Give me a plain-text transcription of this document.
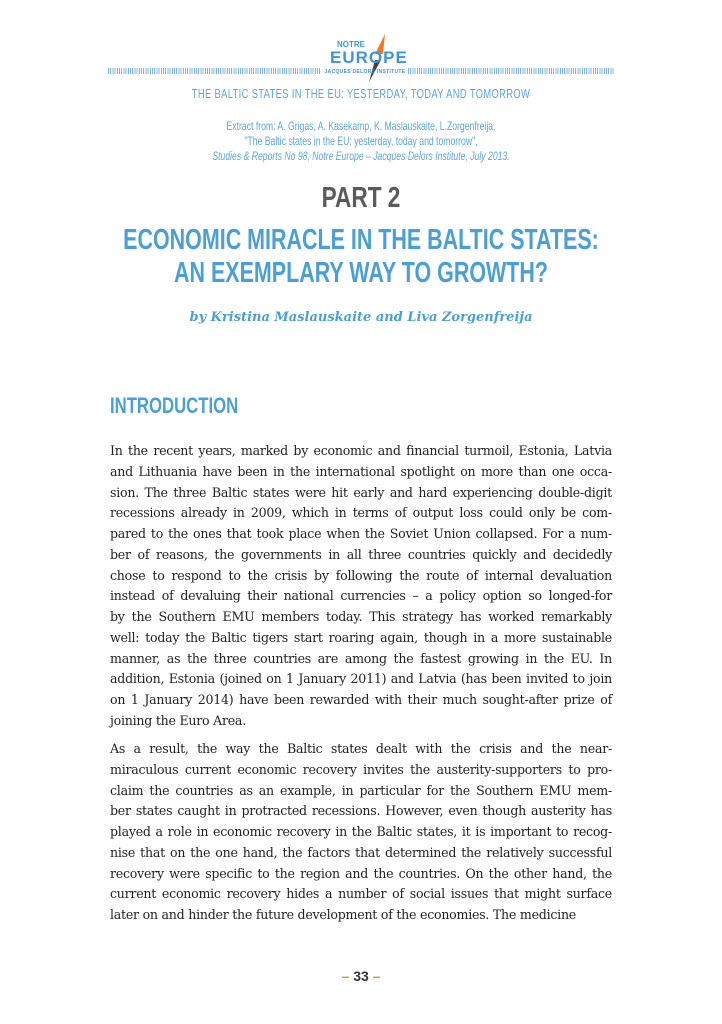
NOTRE
EUROPE
JACQUES DELORS INSTITUTE
THE BALTIC STATES IN THE EU: YESTERDAY, TODAY AND TOMORROW
Extract from: A. Grigas, A. Kasekamp, K. Maslauskaite, L.Zorgenfreija,
"The Baltic states in the EU: yesterday, today and tomorrow",
Studies & Reports No 98, Notre Europe – Jacques Delors Institute, July 2013.
PART 2
ECONOMIC MIRACLE IN THE BALTIC STATES:
AN EXEMPLARY WAY TO GROWTH?
by Kristina Maslauskaite and Liva Zorgenfreija
INTRODUCTION
In the recent years, marked by economic and financial turmoil, Estonia, Latvia
and Lithuania have been in the international spotlight on more than one occa-
sion. The three Baltic states were hit early and hard experiencing double-digit
recessions already in 2009, which in terms of output loss could only be com-
pared to the ones that took place when the Soviet Union collapsed. For a num-
ber of reasons, the governments in all three countries quickly and decidedly
chose to respond to the crisis by following the route of internal devaluation
instead of devaluing their national currencies – a policy option so longed-for
by the Southern EMU members today. This strategy has worked remarkably
well: today the Baltic tigers start roaring again, though in a more sustainable
manner, as the three countries are among the fastest growing in the EU. In
addition, Estonia (joined on 1 January 2011) and Latvia (has been invited to join
on 1 January 2014) have been rewarded with their much sought-after prize of
joining the Euro Area.
As a result, the way the Baltic states dealt with the crisis and the near-
miraculous current economic recovery invites the austerity-supporters to pro-
claim the countries as an example, in particular for the Southern EMU mem-
ber states caught in protracted recessions. However, even though austerity has
played a role in economic recovery in the Baltic states, it is important to recog-
nise that on the one hand, the factors that determined the relatively successful
recovery were specific to the region and the countries. On the other hand, the
current economic recovery hides a number of social issues that might surface
later on and hinder the future development of the economies. The medicine
– 33 –
